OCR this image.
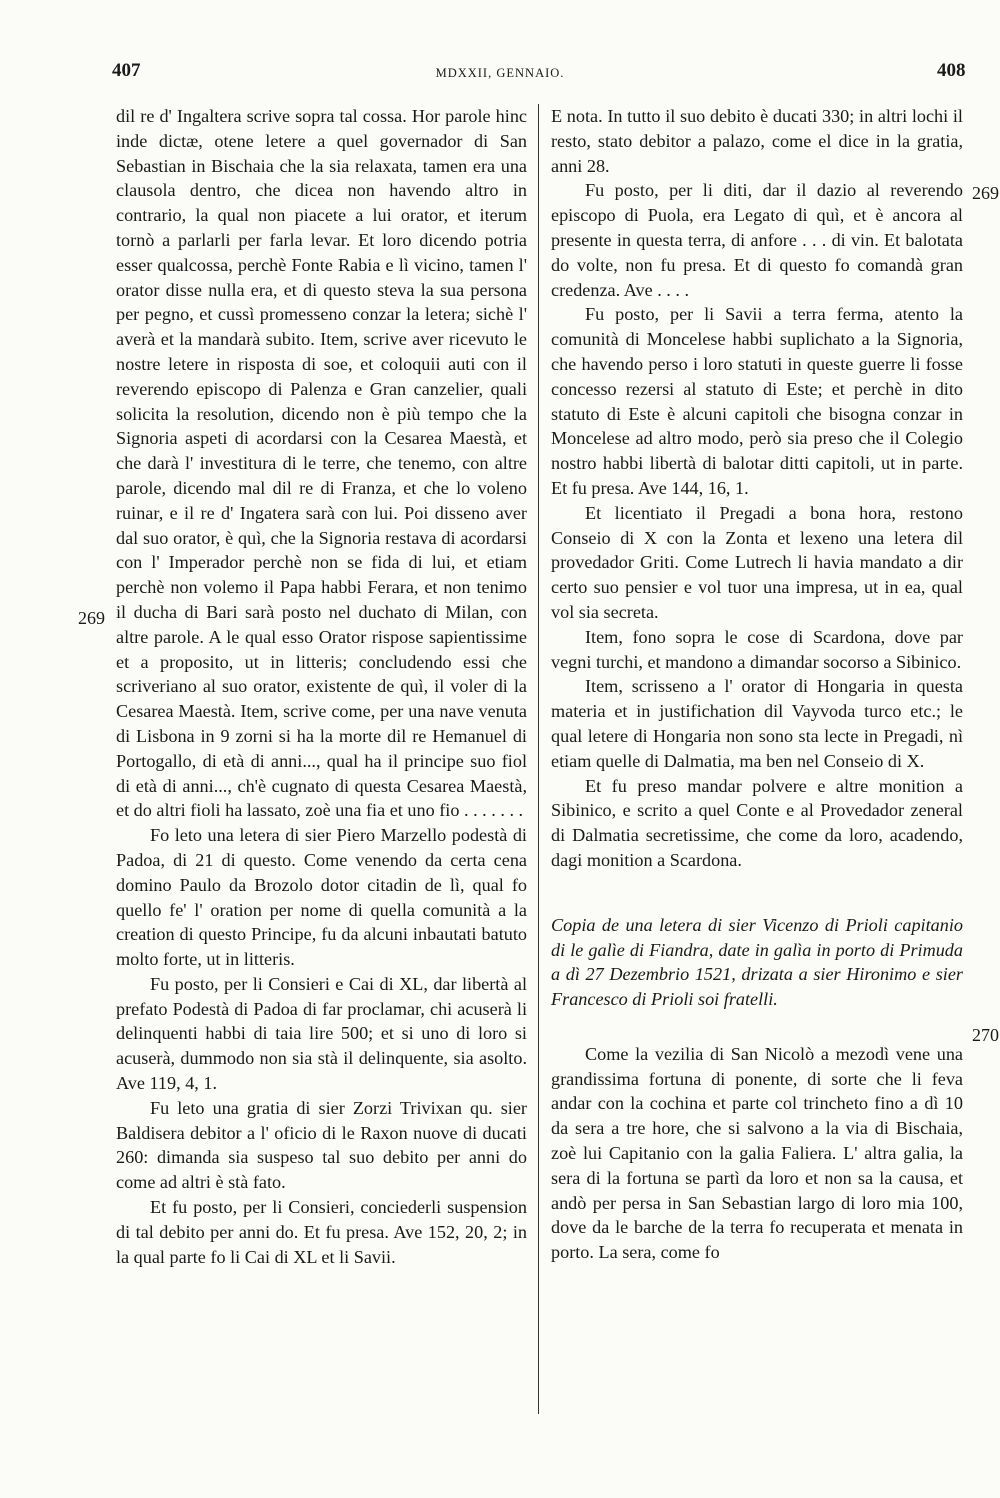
407	MDXXII, GENNAIO.	408
269
269
270

dil re d' Ingaltera scrive sopra tal cossa. Hor parole hinc inde dictæ, otene letere a quel governador di San Sebastian in Bischaia che la sia relaxata, tamen era una clausola dentro, che dicea non havendo altro in contrario, la qual non piacete a lui orator, et iterum tornò a parlarli per farla levar. Et loro dicendo potria esser qualcossa, perchè Fonte Rabia e lì vicino, tamen l' orator disse nulla era, et di questo steva la sua persona per pegno, et cussì promesseno conzar la letera; sichè l' averà et la mandarà subito. Item, scrive aver ricevuto le nostre letere in risposta di soe, et coloquii auti con il reverendo episcopo di Palenza e Gran canzelier, quali solicita la resolution, dicendo non è più tempo che la Signoria aspeti di acordarsi con la Cesarea Maestà, et che darà l' investitura di le terre, che tenemo, con altre parole, dicendo mal dil re di Franza, et che lo voleno ruinar, e il re d' Ingatera sarà con lui. Poi disseno aver dal suo orator, è quì, che la Signoria restava di acordarsi con l' Imperador perchè non se fida di lui, et etiam perchè non volemo il Papa habbi Ferara, et non tenimo il ducha di Bari sarà posto nel duchato di Milan, con altre parole. A le qual esso Orator rispose sapientissime et a proposito, ut in litteris; concludendo essi che scriveriano al suo orator, existente de quì, il voler di la Cesarea Maestà. Item, scrive come, per una nave venuta di Lisbona in 9 zorni si ha la morte dil re Hemanuel di Portogallo, di età di anni..., qual ha il principe suo fiol di età di anni..., ch'è cugnato di questa Cesarea Maestà, et do altri fioli ha lassato, zoè una fia et uno fio . . . . . . .

Fo leto una letera di sier Piero Marzello podestà di Padoa, di 21 di questo. Come venendo da certa cena domino Paulo da Brozolo dotor citadin de lì, qual fo quello fe' l' oration per nome di quella comunità a la creation di questo Principe, fu da alcuni inbautati batuto molto forte, ut in litteris.

Fu posto, per li Consieri e Cai di XL, dar libertà al prefato Podestà di Padoa di far proclamar, chi acuserà li delinquenti habbi di taia lire 500; et si uno di loro si acuserà, dummodo non sia stà il delinquente, sia asolto. Ave 119, 4, 1.

Fu leto una gratia di sier Zorzi Trivixan qu. sier Baldisera debitor a l' oficio di le Raxon nuove di ducati 260: dimanda sia suspeso tal suo debito per anni do come ad altri è stà fato.

Et fu posto, per li Consieri, conciederli suspension di tal debito per anni do. Et fu presa. Ave 152, 20, 2; in la qual parte fo li Cai di XL et li Savii.

E nota. In tutto il suo debito è ducati 330; in altri lochi il resto, stato debitor a palazo, come el dice in la gratia, anni 28.

Fu posto, per li diti, dar il dazio al reverendo episcopo di Puola, era Legato di quì, et è ancora al presente in questa terra, di anfore . . . di vin. Et balotata do volte, non fu presa. Et di questo fo comandà gran credenza. Ave . . . .

Fu posto, per li Savii a terra ferma, atento la comunità di Moncelese habbi suplichato a la Signoria, che havendo perso i loro statuti in queste guerre li fosse concesso rezersi al statuto di Este; et perchè in dito statuto di Este è alcuni capitoli che bisogna conzar in Moncelese ad altro modo, però sia preso che il Colegio nostro habbi libertà di balotar ditti capitoli, ut in parte. Et fu presa. Ave 144, 16, 1.

Et licentiato il Pregadi a bona hora, restono Conseio di X con la Zonta et lexeno una letera dil provedador Griti. Come Lutrech li havia mandato a dir certo suo pensier e vol tuor una impresa, ut in ea, qual vol sia secreta.

Item, fono sopra le cose di Scardona, dove par vegni turchi, et mandono a dimandar socorso a Sibinico.

Item, scrisseno a l' orator di Hongaria in questa materia et in justifichation dil Vayvoda turco etc.; le qual letere di Hongaria non sono sta lecte in Pregadi, nì etiam quelle di Dalmatia, ma ben nel Conseio di X.

Et fu preso mandar polvere e altre monition a Sibinico, e scrito a quel Conte e al Provedador zeneral di Dalmatia secretissime, che come da loro, acadendo, dagi monition a Scardona.

Copia de una letera di sier Vicenzo di Prioli capitanio di le galìe di Fiandra, date in galìa in porto di Primuda a dì 27 Dezembrio 1521, drizata a sier Hironimo e sier Francesco di Prioli soi fratelli.

Come la vezilia di San Nicolò a mezodì vene una grandissima fortuna di ponente, di sorte che li feva andar con la cochina et parte col trincheto fino a dì 10 da sera a tre hore, che si salvono a la via di Bischaia, zoè lui Capitanio con la galia Faliera. L' altra galia, la sera di la fortuna se partì da loro et non sa la causa, et andò per persa in San Sebastian largo di loro mia 100, dove da le barche de la terra fo recuperata et menata in porto. La sera, come fo
